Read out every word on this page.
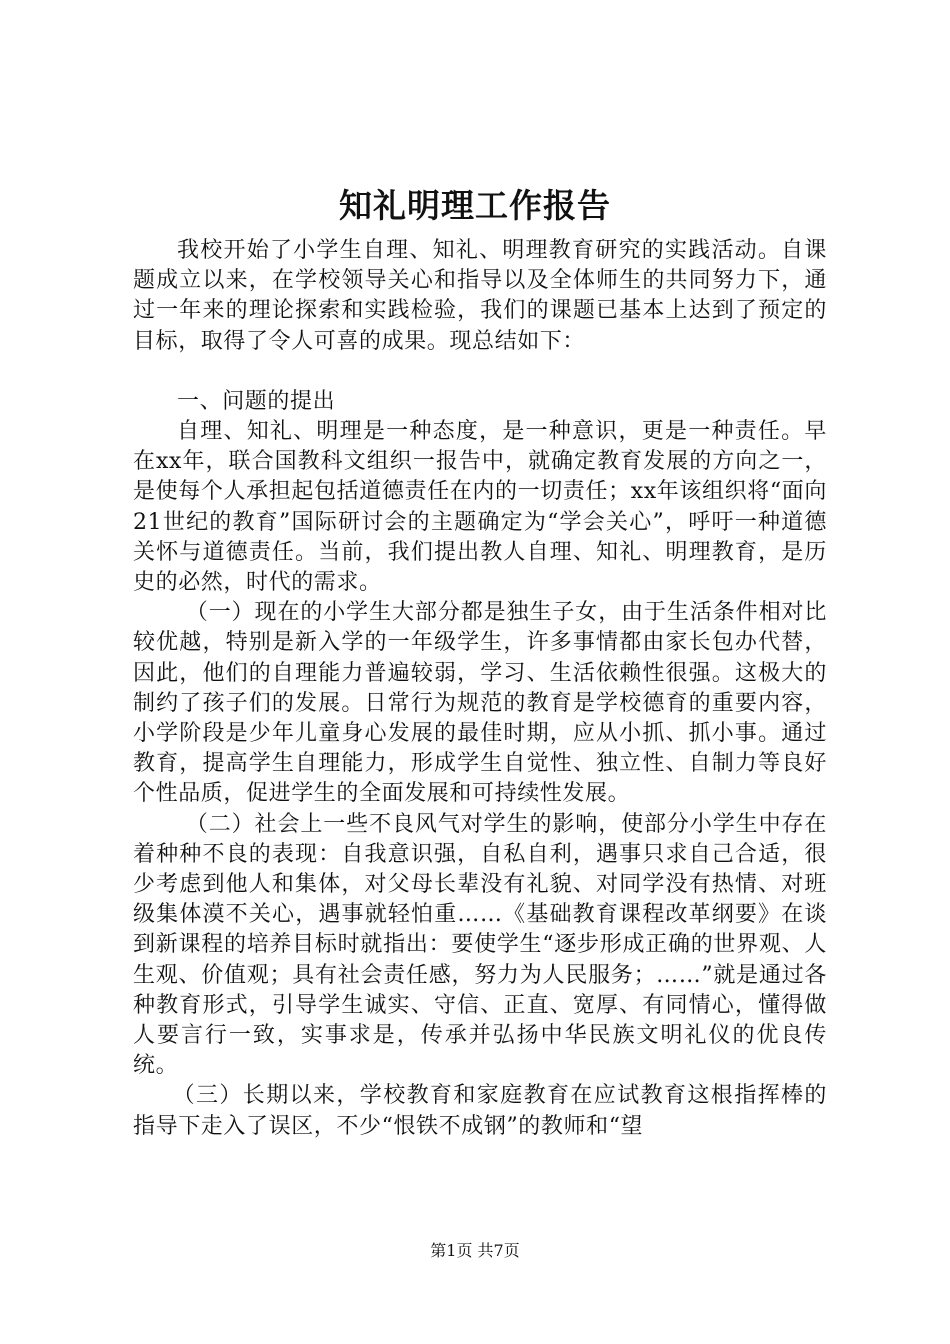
知礼明理工作报告

我校开始了小学生自理、知礼、明理教育研究的实践活动。自课题成立以来，在学校领导关心和指导以及全体师生的共同努力下，通过一年来的理论探索和实践检验，我们的课题已基本上达到了预定的目标，取得了令人可喜的成果。现总结如下：

一、问题的提出

自理、知礼、明理是一种态度，是一种意识，更是一种责任。早在xx年，联合国教科文组织一报告中，就确定教育发展的方向之一，是使每个人承担起包括道德责任在内的一切责任；xx年该组织将“面向21世纪的教育”国际研讨会的主题确定为“学会关心”，呼吁一种道德关怀与道德责任。当前，我们提出教人自理、知礼、明理教育，是历史的必然，时代的需求。

（一）现在的小学生大部分都是独生子女，由于生活条件相对比较优越，特别是新入学的一年级学生，许多事情都由家长包办代替，因此，他们的自理能力普遍较弱，学习、生活依赖性很强。这极大的制约了孩子们的发展。日常行为规范的教育是学校德育的重要内容，小学阶段是少年儿童身心发展的最佳时期，应从小抓、抓小事。通过教育，提高学生自理能力，形成学生自觉性、独立性、自制力等良好个性品质，促进学生的全面发展和可持续性发展。

（二）社会上一些不良风气对学生的影响，使部分小学生中存在着种种不良的表现：自我意识强，自私自利，遇事只求自己合适，很少考虑到他人和集体，对父母长辈没有礼貌、对同学没有热情、对班级集体漠不关心，遇事就轻怕重……《基础教育课程改革纲要》在谈到新课程的培养目标时就指出：要使学生“逐步形成正确的世界观、人生观、价值观；具有社会责任感，努力为人民服务；……”就是通过各种教育形式，引导学生诚实、守信、正直、宽厚、有同情心，懂得做人要言行一致，实事求是，传承并弘扬中华民族文明礼仪的优良传统。

（三）长期以来，学校教育和家庭教育在应试教育这根指挥棒的指导下走入了误区，不少“恨铁不成钢”的教师和“望

第1页 共7页
